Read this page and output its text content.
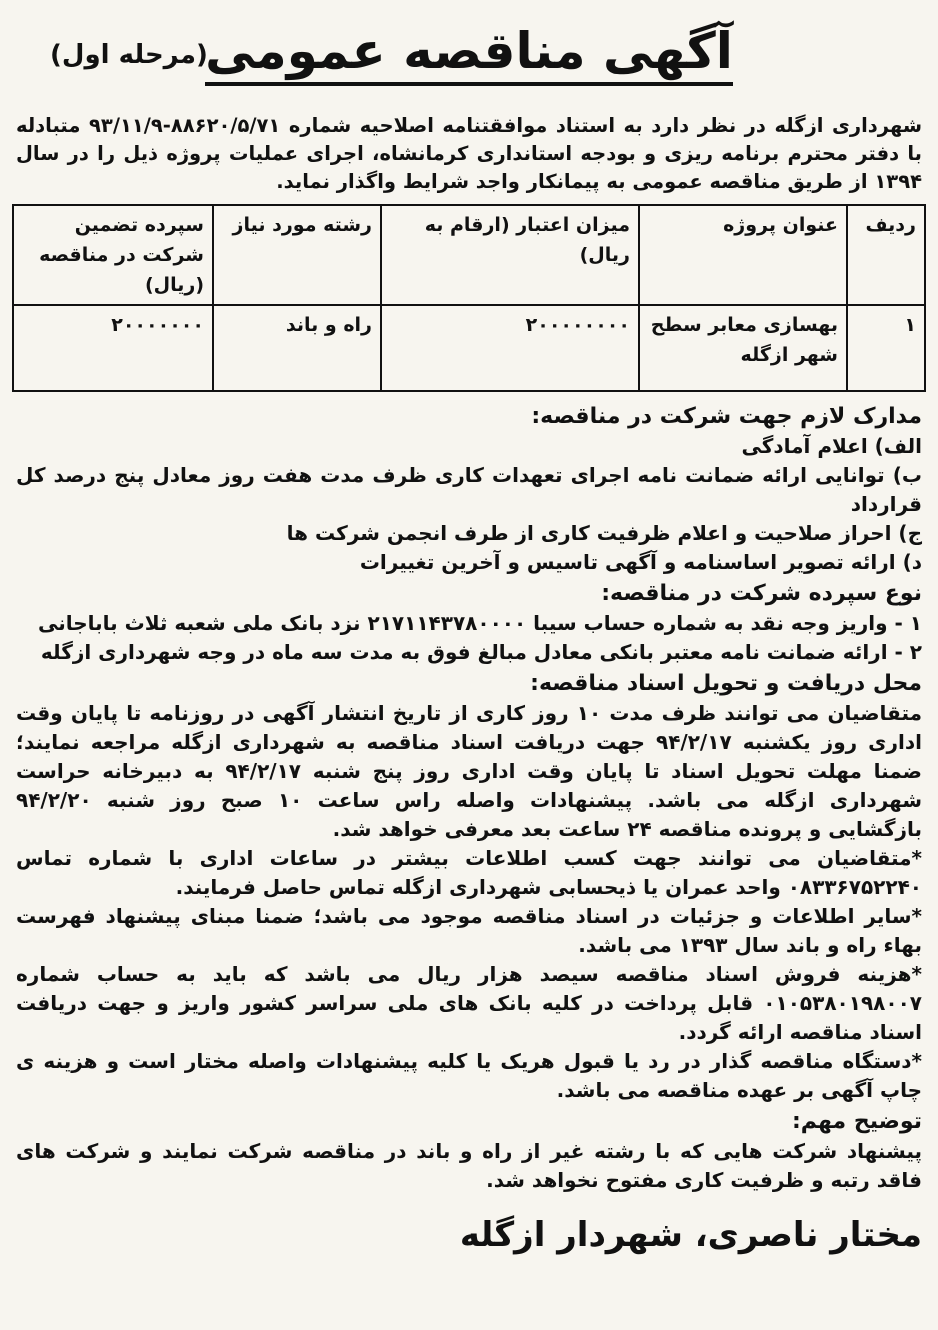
آگهی مناقصه عمومی
(مرحله اول)
شهرداری ازگله در نظر دارد به استناد موافقتنامه اصلاحیه شماره ۸۸۶۲۰/۵/۷۱-۹۳/۱۱/۹ متبادله با دفتر محترم برنامه ریزی و بودجه استانداری کرمانشاه، اجرای عملیات پروژه ذیل را در سال ۱۳۹۴ از طریق مناقصه عمومی به پیمانکار واجد شرایط واگذار نماید.
ردیف	عنوان پروژه	میزان اعتبار (ارقام به ریال)	رشته مورد نیاز	سپرده تضمین شرکت در مناقصه (ریال)
۱	بهسازی معابر سطح شهر ازگله	۲۰۰۰۰۰۰۰۰	راه و باند	۲۰۰۰۰۰۰۰
مدارک لازم جهت شرکت در مناقصه:
الف) اعلام آمادگی
ب) توانایی ارائه ضمانت نامه اجرای تعهدات کاری ظرف مدت هفت روز معادل پنج درصد کل قرارداد
ج) احراز صلاحیت و اعلام ظرفیت کاری از طرف انجمن شرکت ها
د) ارائه تصویر اساسنامه و آگهی تاسیس و آخرین تغییرات
نوع سپرده شرکت در مناقصه:
۱ - واریز وجه نقد به شماره حساب سیبا ۲۱۷۱۱۴۳۷۸۰۰۰۰ نزد بانک ملی شعبه ثلاث باباجانی
۲ - ارائه ضمانت نامه معتبر بانکی معادل مبالغ فوق به مدت سه ماه در وجه شهرداری ازگله
محل دریافت و تحویل اسناد مناقصه:
متقاضیان می توانند ظرف مدت ۱۰ روز کاری از تاریخ انتشار آگهی در روزنامه تا پایان وقت اداری روز یکشنبه ۹۴/۲/۱۷ جهت دریافت اسناد مناقصه به شهرداری ازگله مراجعه نمایند؛ ضمنا مهلت تحویل اسناد تا پایان وقت اداری روز پنج شنبه ۹۴/۲/۱۷ به دبیرخانه حراست شهرداری ازگله می باشد. پیشنهادات واصله راس ساعت ۱۰ صبح روز شنبه ۹۴/۲/۲۰ بازگشایی و پرونده مناقصه ۲۴ ساعت بعد معرفی خواهد شد.
*متقاضیان می توانند جهت کسب اطلاعات بیشتر در ساعات اداری با شماره تماس ۰۸۳۳۶۷۵۲۲۴۰ واحد عمران یا ذیحسابی شهرداری ازگله تماس حاصل فرمایند.
*سایر اطلاعات و جزئیات در اسناد مناقصه موجود می باشد؛ ضمنا مبنای پیشنهاد فهرست بهاء راه و باند سال ۱۳۹۳ می باشد.
*هزینه فروش اسناد مناقصه سیصد هزار ریال می باشد که باید به حساب شماره ۰۱۰۵۳۸۰۱۹۸۰۰۷ قابل پرداخت در کلیه بانک های ملی سراسر کشور واریز و جهت دریافت اسناد مناقصه ارائه گردد.
*دستگاه مناقصه گذار در رد یا قبول هریک یا کلیه پیشنهادات واصله مختار است و هزینه ی چاپ آگهی بر عهده مناقصه می باشد.
توضیح مهم:
پیشنهاد شرکت هایی که با رشته غیر از راه و باند در مناقصه شرکت نمایند و شرکت های فاقد رتبه و ظرفیت کاری مفتوح نخواهد شد.
مختار ناصری، شهردار ازگله
